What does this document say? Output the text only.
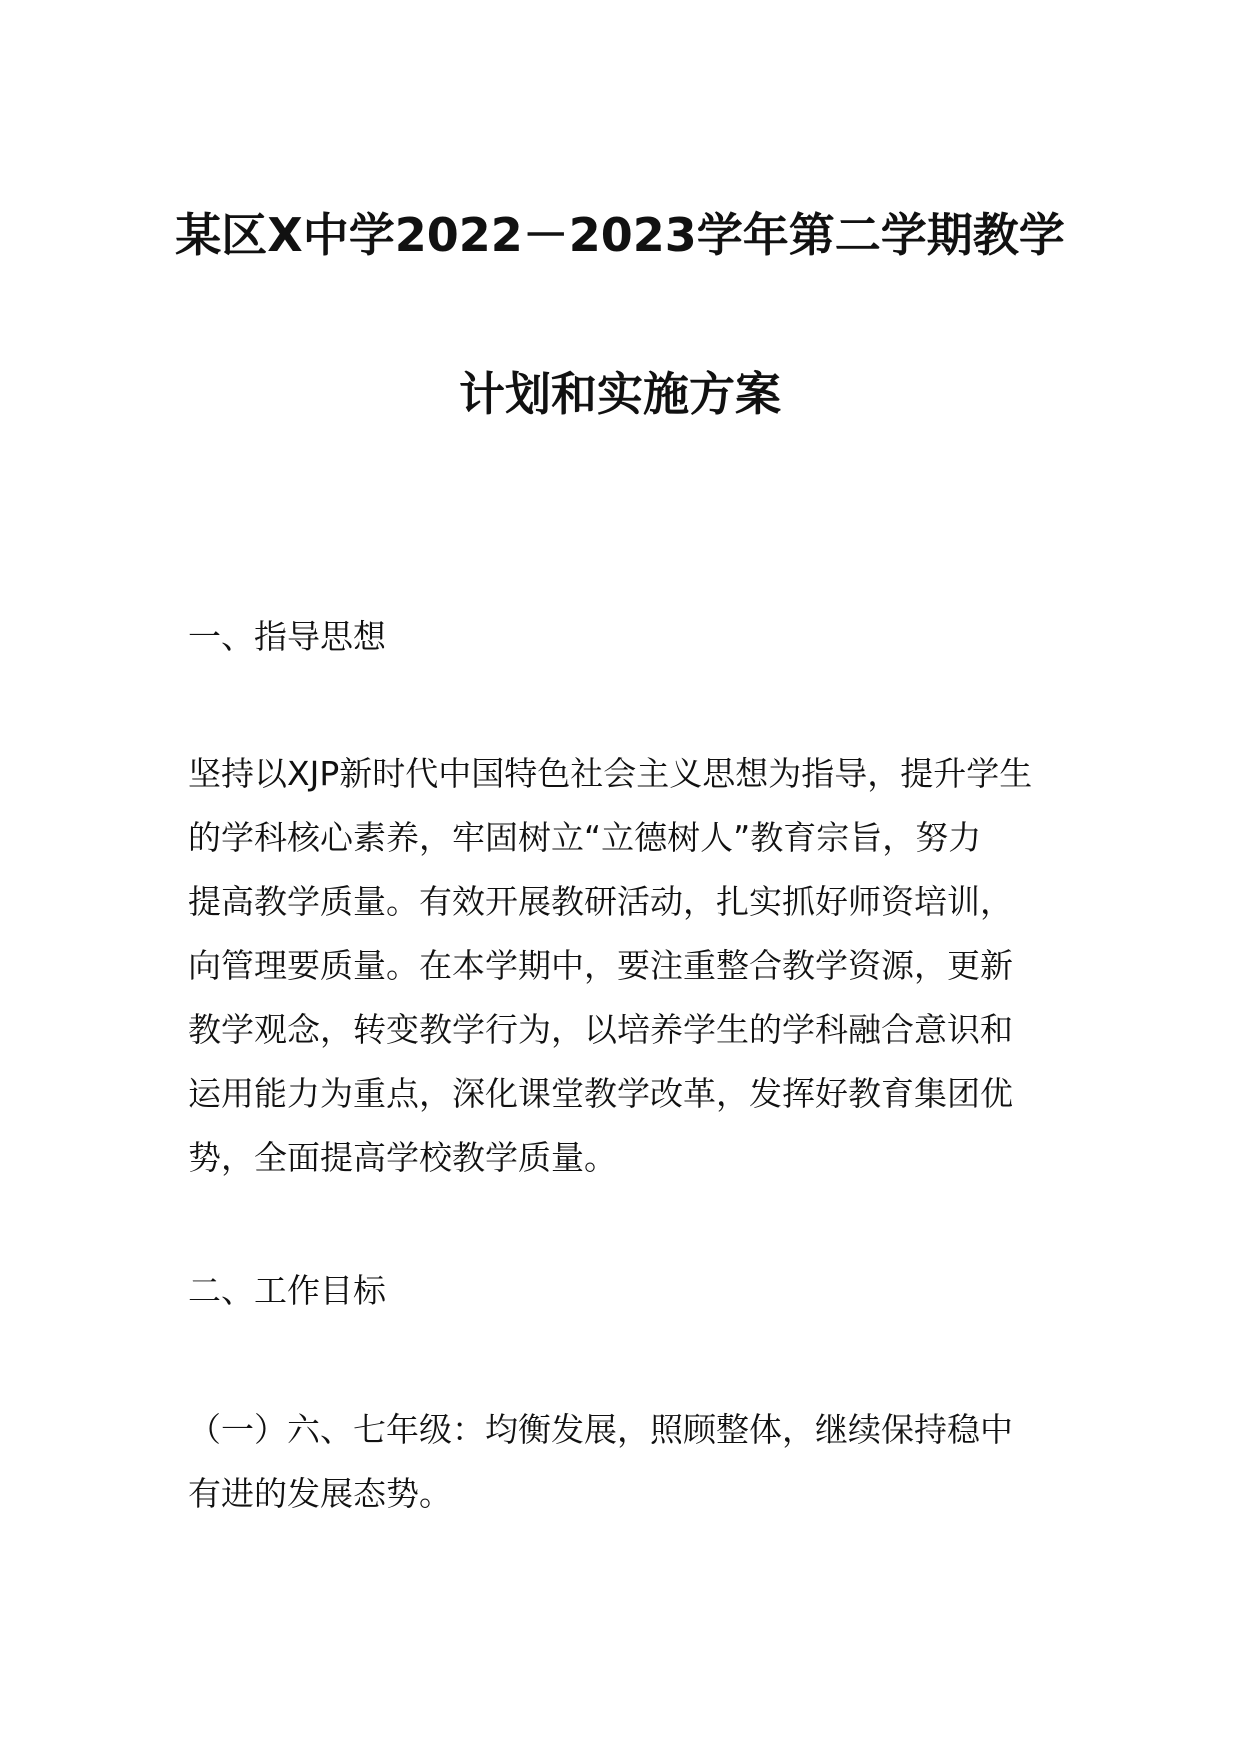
某区X中学2022－2023学年第二学期教学
计划和实施方案
一、指导思想
坚持以XJP新时代中国特色社会主义思想为指导，提升学生
的学科核心素养，牢固树立“立德树人”教育宗旨，努力
提高教学质量。有效开展教研活动，扎实抓好师资培训，
向管理要质量。在本学期中，要注重整合教学资源，更新
教学观念，转变教学行为，以培养学生的学科融合意识和
运用能力为重点，深化课堂教学改革，发挥好教育集团优
势，全面提高学校教学质量。
二、工作目标
（一）六、七年级：均衡发展，照顾整体，继续保持稳中
有进的发展态势。
